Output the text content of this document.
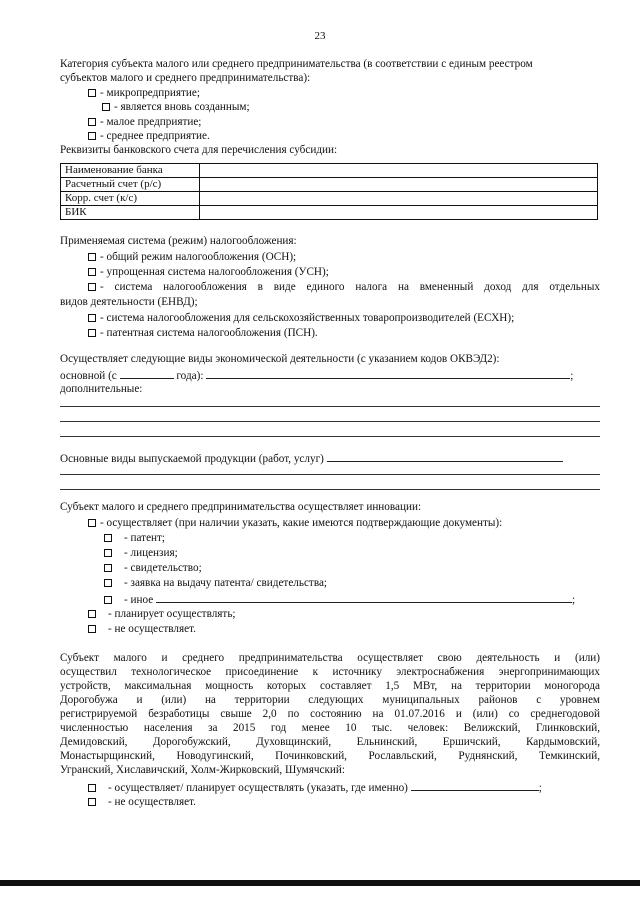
23
Категория субъекта малого или среднего предпринимательства (в соответствии с единым реестром
субъектов малого и среднего предпринимательства):
- микропредприятие;
- является вновь созданным;
- малое предприятие;
- среднее предприятие.
Реквизиты банковского счета для перечисления субсидии:
Наименование банка	
Расчетный счет (р/с)	
Корр. счет (к/с)	
БИК	
Применяемая система (режим) налогообложения:
- общий режим налогообложения (ОСН);
- упрощенная система налогообложения (УСН);
- система налогообложения в виде единого налога на вмененный доход для отдельных
видов деятельности (ЕНВД);
- система налогообложения для сельскохозяйственных товаропроизводителей (ЕСХН);
- патентная система налогообложения (ПСН).
Осуществляет следующие виды экономической деятельности (с указанием кодов ОКВЭД2):
основной (с	года):	;
дополнительные:
Основные виды выпускаемой продукции (работ, услуг)
Субъект малого и среднего предпринимательства осуществляет инновации:
- осуществляет (при наличии указать, какие имеются подтверждающие документы):
- патент;
- лицензия;
- свидетельство;
- заявка на выдачу патента/ свидетельства;
- иное	;
- планирует осуществлять;
- не осуществляет.
Субъект малого и среднего предпринимательства осуществляет свою деятельность и (или)
осуществил технологическое присоединение к источнику электроснабжения энергопринимающих
устройств, максимальная мощность которых составляет 1,5 МВт, на территории моногорода
Дорогобужа и (или) на территории следующих муниципальных районов с уровнем
регистрируемой безработицы свыше 2,0 по состоянию на 01.07.2016 и (или) со среднегодовой
численностью населения за 2015 год менее 10 тыс. человек: Велижский, Глинковский,
Демидовский, Дорогобужский, Духовщинский, Ельнинский, Ершичский, Кардымовский,
Монастырщинский, Новодугинский, Починковский, Рославльский, Руднянский, Темкинский,
Угранский, Хиславичский, Холм-Жирковский, Шумячский:
- осуществляет/ планирует осуществлять (указать, где именно)	;
- не осуществляет.
